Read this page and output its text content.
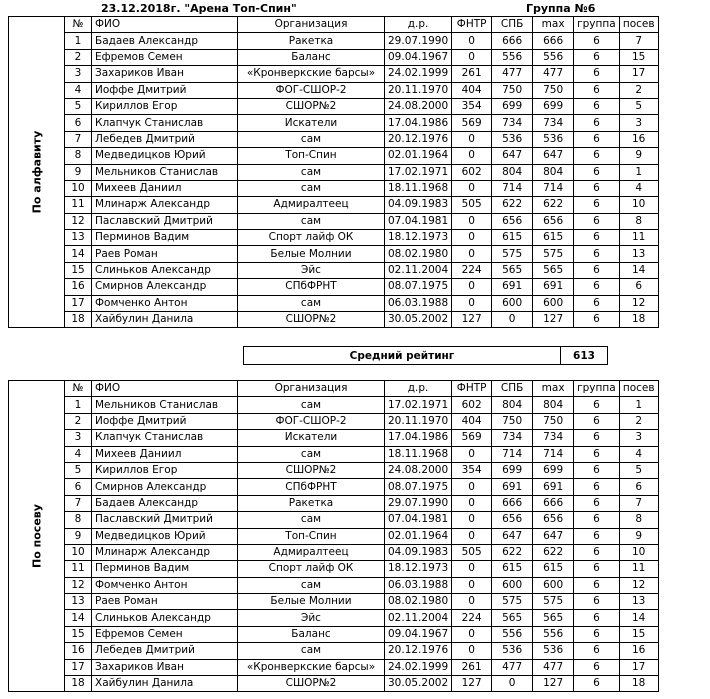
23.12.2018г. "Арена Топ-Спин"	Группа №6
По алфавиту	№	ФИО	Организация	д.р.	ФНТР	СПБ	max	группа	посев
	1	Бадаев Александр	Ракетка	29.07.1990	0	666	666	6	7
	2	Ефремов Семен	Баланс	09.04.1967	0	556	556	6	15
	3	Захариков Иван	«Кронверкские барсы»	24.02.1999	261	477	477	6	17
	4	Иоффе Дмитрий	ФОГ-СШОР-2	20.11.1970	404	750	750	6	2
	5	Кириллов Егор	СШОР№2	24.08.2000	354	699	699	6	5
	6	Клапчук Станислав	Искатели	17.04.1986	569	734	734	6	3
	7	Лебедев Дмитрий	сам	20.12.1976	0	536	536	6	16
	8	Медведицков Юрий	Топ-Спин	02.01.1964	0	647	647	6	9
	9	Мельников Станислав	сам	17.02.1971	602	804	804	6	1
	10	Михеев Даниил	сам	18.11.1968	0	714	714	6	4
	11	Млинарж Александр	Адмиралтеец	04.09.1983	505	622	622	6	10
	12	Паславский Дмитрий	сам	07.04.1981	0	656	656	6	8
	13	Перминов Вадим	Спорт лайф ОК	18.12.1973	0	615	615	6	11
	14	Раев Роман	Белые Молнии	08.02.1980	0	575	575	6	13
	15	Слиньков Александр	Эйс	02.11.2004	224	565	565	6	14
	16	Смирнов Александр	СПбФРНТ	08.07.1975	0	691	691	6	6
	17	Фомченко Антон	сам	06.03.1988	0	600	600	6	12
	18	Хайбулин Данила	СШОР№2	30.05.2002	127	0	127	6	18
Средний рейтинг	613
По посеву	№	ФИО	Организация	д.р.	ФНТР	СПБ	max	группа	посев
	1	Мельников Станислав	сам	17.02.1971	602	804	804	6	1
	2	Иоффе Дмитрий	ФОГ-СШОР-2	20.11.1970	404	750	750	6	2
	3	Клапчук Станислав	Искатели	17.04.1986	569	734	734	6	3
	4	Михеев Даниил	сам	18.11.1968	0	714	714	6	4
	5	Кириллов Егор	СШОР№2	24.08.2000	354	699	699	6	5
	6	Смирнов Александр	СПбФРНТ	08.07.1975	0	691	691	6	6
	7	Бадаев Александр	Ракетка	29.07.1990	0	666	666	6	7
	8	Паславский Дмитрий	сам	07.04.1981	0	656	656	6	8
	9	Медведицков Юрий	Топ-Спин	02.01.1964	0	647	647	6	9
	10	Млинарж Александр	Адмиралтеец	04.09.1983	505	622	622	6	10
	11	Перминов Вадим	Спорт лайф ОК	18.12.1973	0	615	615	6	11
	12	Фомченко Антон	сам	06.03.1988	0	600	600	6	12
	13	Раев Роман	Белые Молнии	08.02.1980	0	575	575	6	13
	14	Слиньков Александр	Эйс	02.11.2004	224	565	565	6	14
	15	Ефремов Семен	Баланс	09.04.1967	0	556	556	6	15
	16	Лебедев Дмитрий	сам	20.12.1976	0	536	536	6	16
	17	Захариков Иван	«Кронверкские барсы»	24.02.1999	261	477	477	6	17
	18	Хайбулин Данила	СШОР№2	30.05.2002	127	0	127	6	18
